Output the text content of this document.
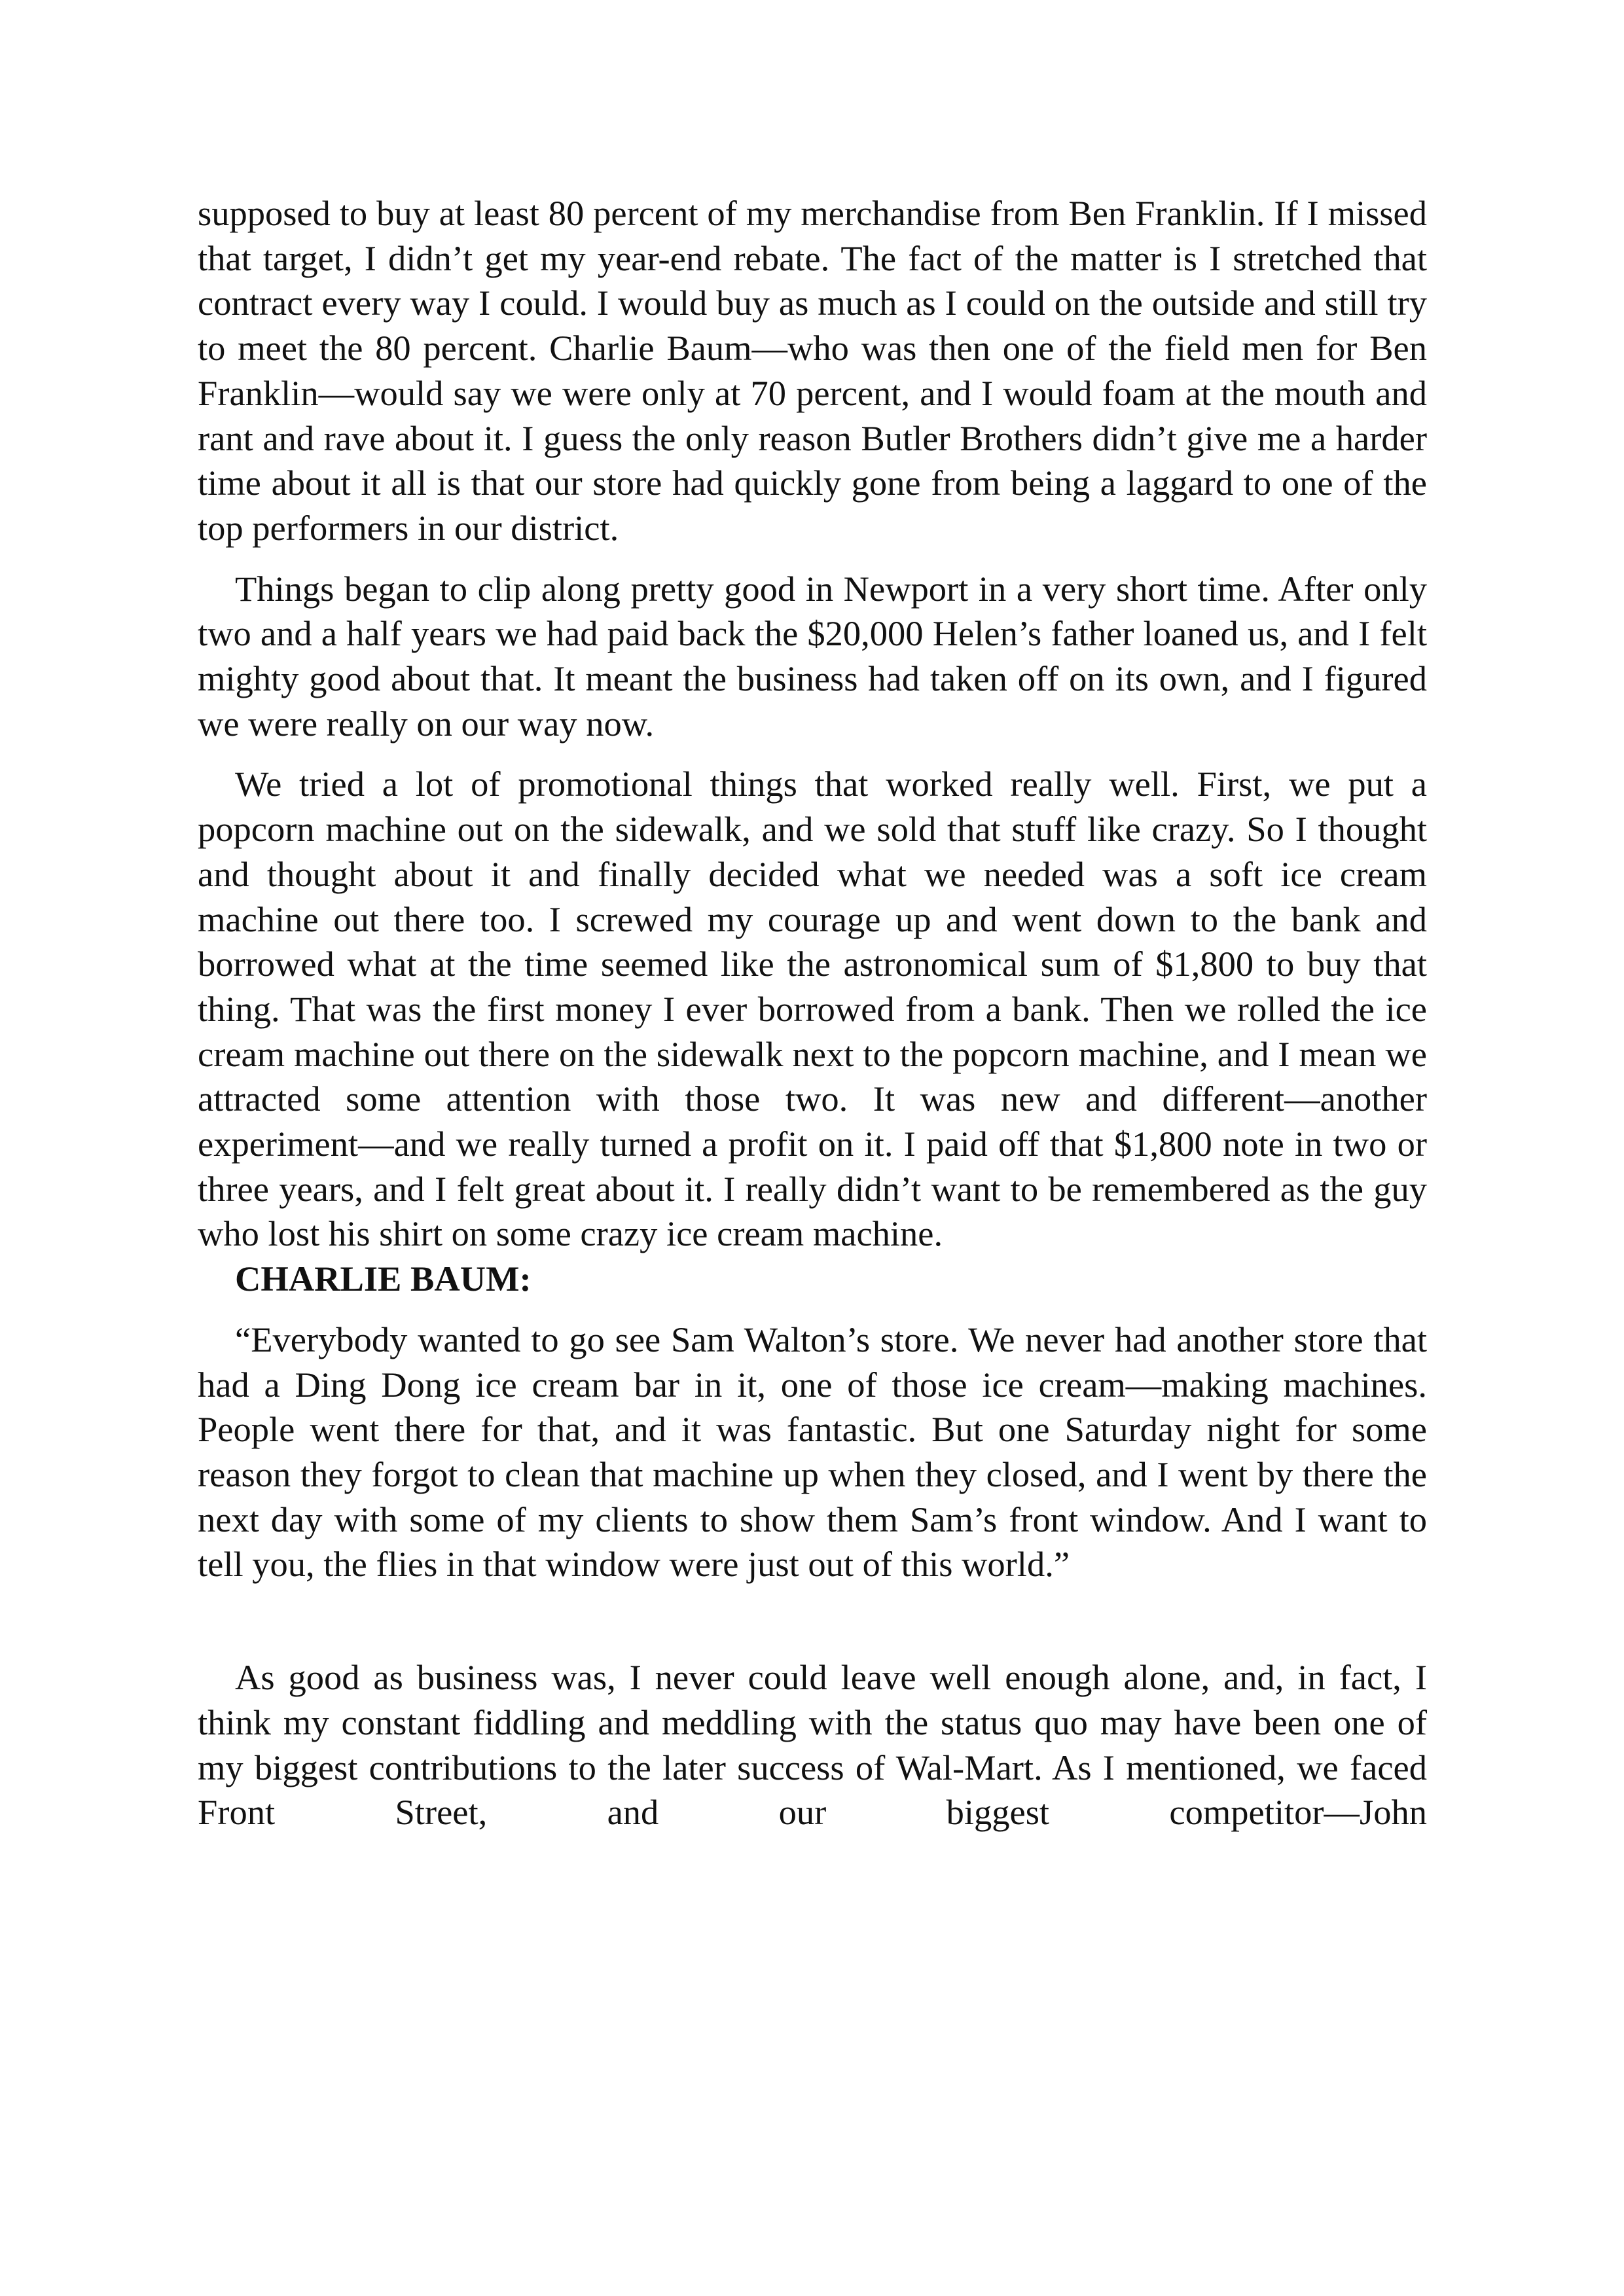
supposed to buy at least 80 percent of my merchandise from Ben Franklin. If I missed that target, I didn’t get my year-end rebate. The fact of the matter is I stretched that contract every way I could. I would buy as much as I could on the outside and still try to meet the 80 percent. Charlie Baum—who was then one of the field men for Ben Franklin—would say we were only at 70 percent, and I would foam at the mouth and rant and rave about it. I guess the only reason Butler Brothers didn’t give me a harder time about it all is that our store had quickly gone from being a laggard to one of the top performers in our district.

Things began to clip along pretty good in Newport in a very short time. After only two and a half years we had paid back the $20,000 Helen’s father loaned us, and I felt mighty good about that. It meant the business had taken off on its own, and I figured we were really on our way now.

We tried a lot of promotional things that worked really well. First, we put a popcorn machine out on the sidewalk, and we sold that stuff like crazy. So I thought and thought about it and finally decided what we needed was a soft ice cream machine out there too. I screwed my courage up and went down to the bank and borrowed what at the time seemed like the astronomical sum of $1,800 to buy that thing. That was the first money I ever borrowed from a bank. Then we rolled the ice cream machine out there on the sidewalk next to the popcorn machine, and I mean we attracted some attention with those two. It was new and different—another experiment—and we really turned a profit on it. I paid off that $1,800 note in two or three years, and I felt great about it. I really didn’t want to be remembered as the guy who lost his shirt on some crazy ice cream machine.

CHARLIE BAUM:

“Everybody wanted to go see Sam Walton’s store. We never had another store that had a Ding Dong ice cream bar in it, one of those ice cream—making machines. People went there for that, and it was fantastic. But one Saturday night for some reason they forgot to clean that machine up when they closed, and I went by there the next day with some of my clients to show them Sam’s front window. And I want to tell you, the flies in that window were just out of this world.”

As good as business was, I never could leave well enough alone, and, in fact, I think my constant fiddling and meddling with the status quo may have been one of my biggest contributions to the later success of Wal-Mart. As I mentioned, we faced Front Street, and our biggest competitor—John
